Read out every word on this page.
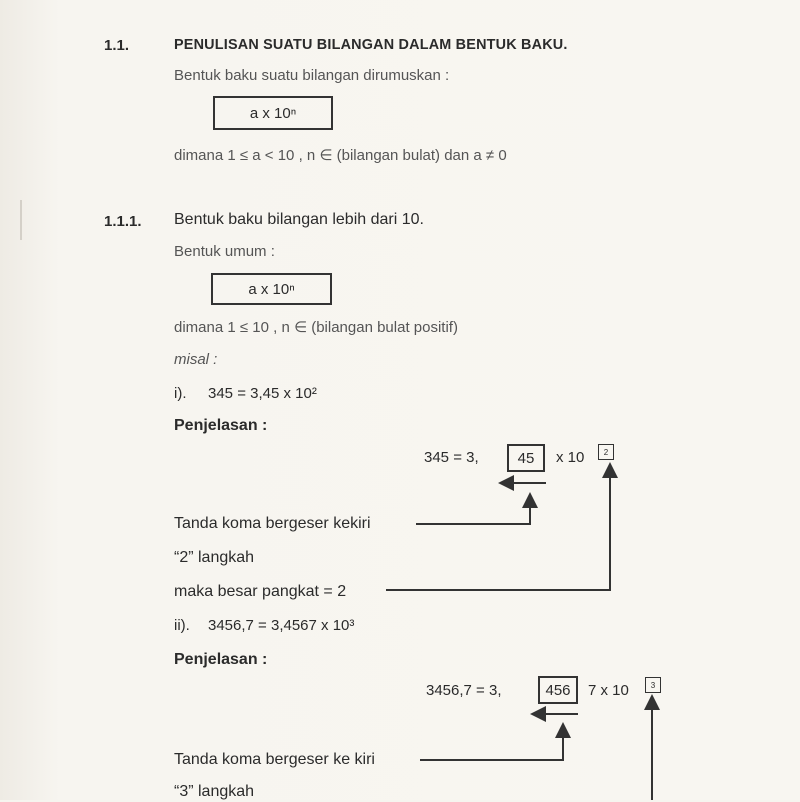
1.1.	PENULISAN SUATU BILANGAN DALAM BENTUK BAKU.
Bentuk baku suatu bilangan dirumuskan :
a x 10ⁿ
dimana 1 ≤ a < 10 , n ∈ (bilangan bulat) dan a ≠ 0
1.1.1. Bentuk baku bilangan lebih dari 10.
Bentuk umum :
a x 10ⁿ
dimana 1 ≤ 10 , n ∈ (bilangan bulat positif)
misal :
i). 345 = 3,45 x 10²
Penjelasan :
345 = 3,	45 x 10 2
Tanda koma bergeser kekiri
“2” langkah
maka besar pangkat = 2
ii). 3456,7 = 3,4567 x 10³
Penjelasan :
3456,7 = 3,	456 7 x 10	3
Tanda koma bergeser ke kiri
“3” langkah
